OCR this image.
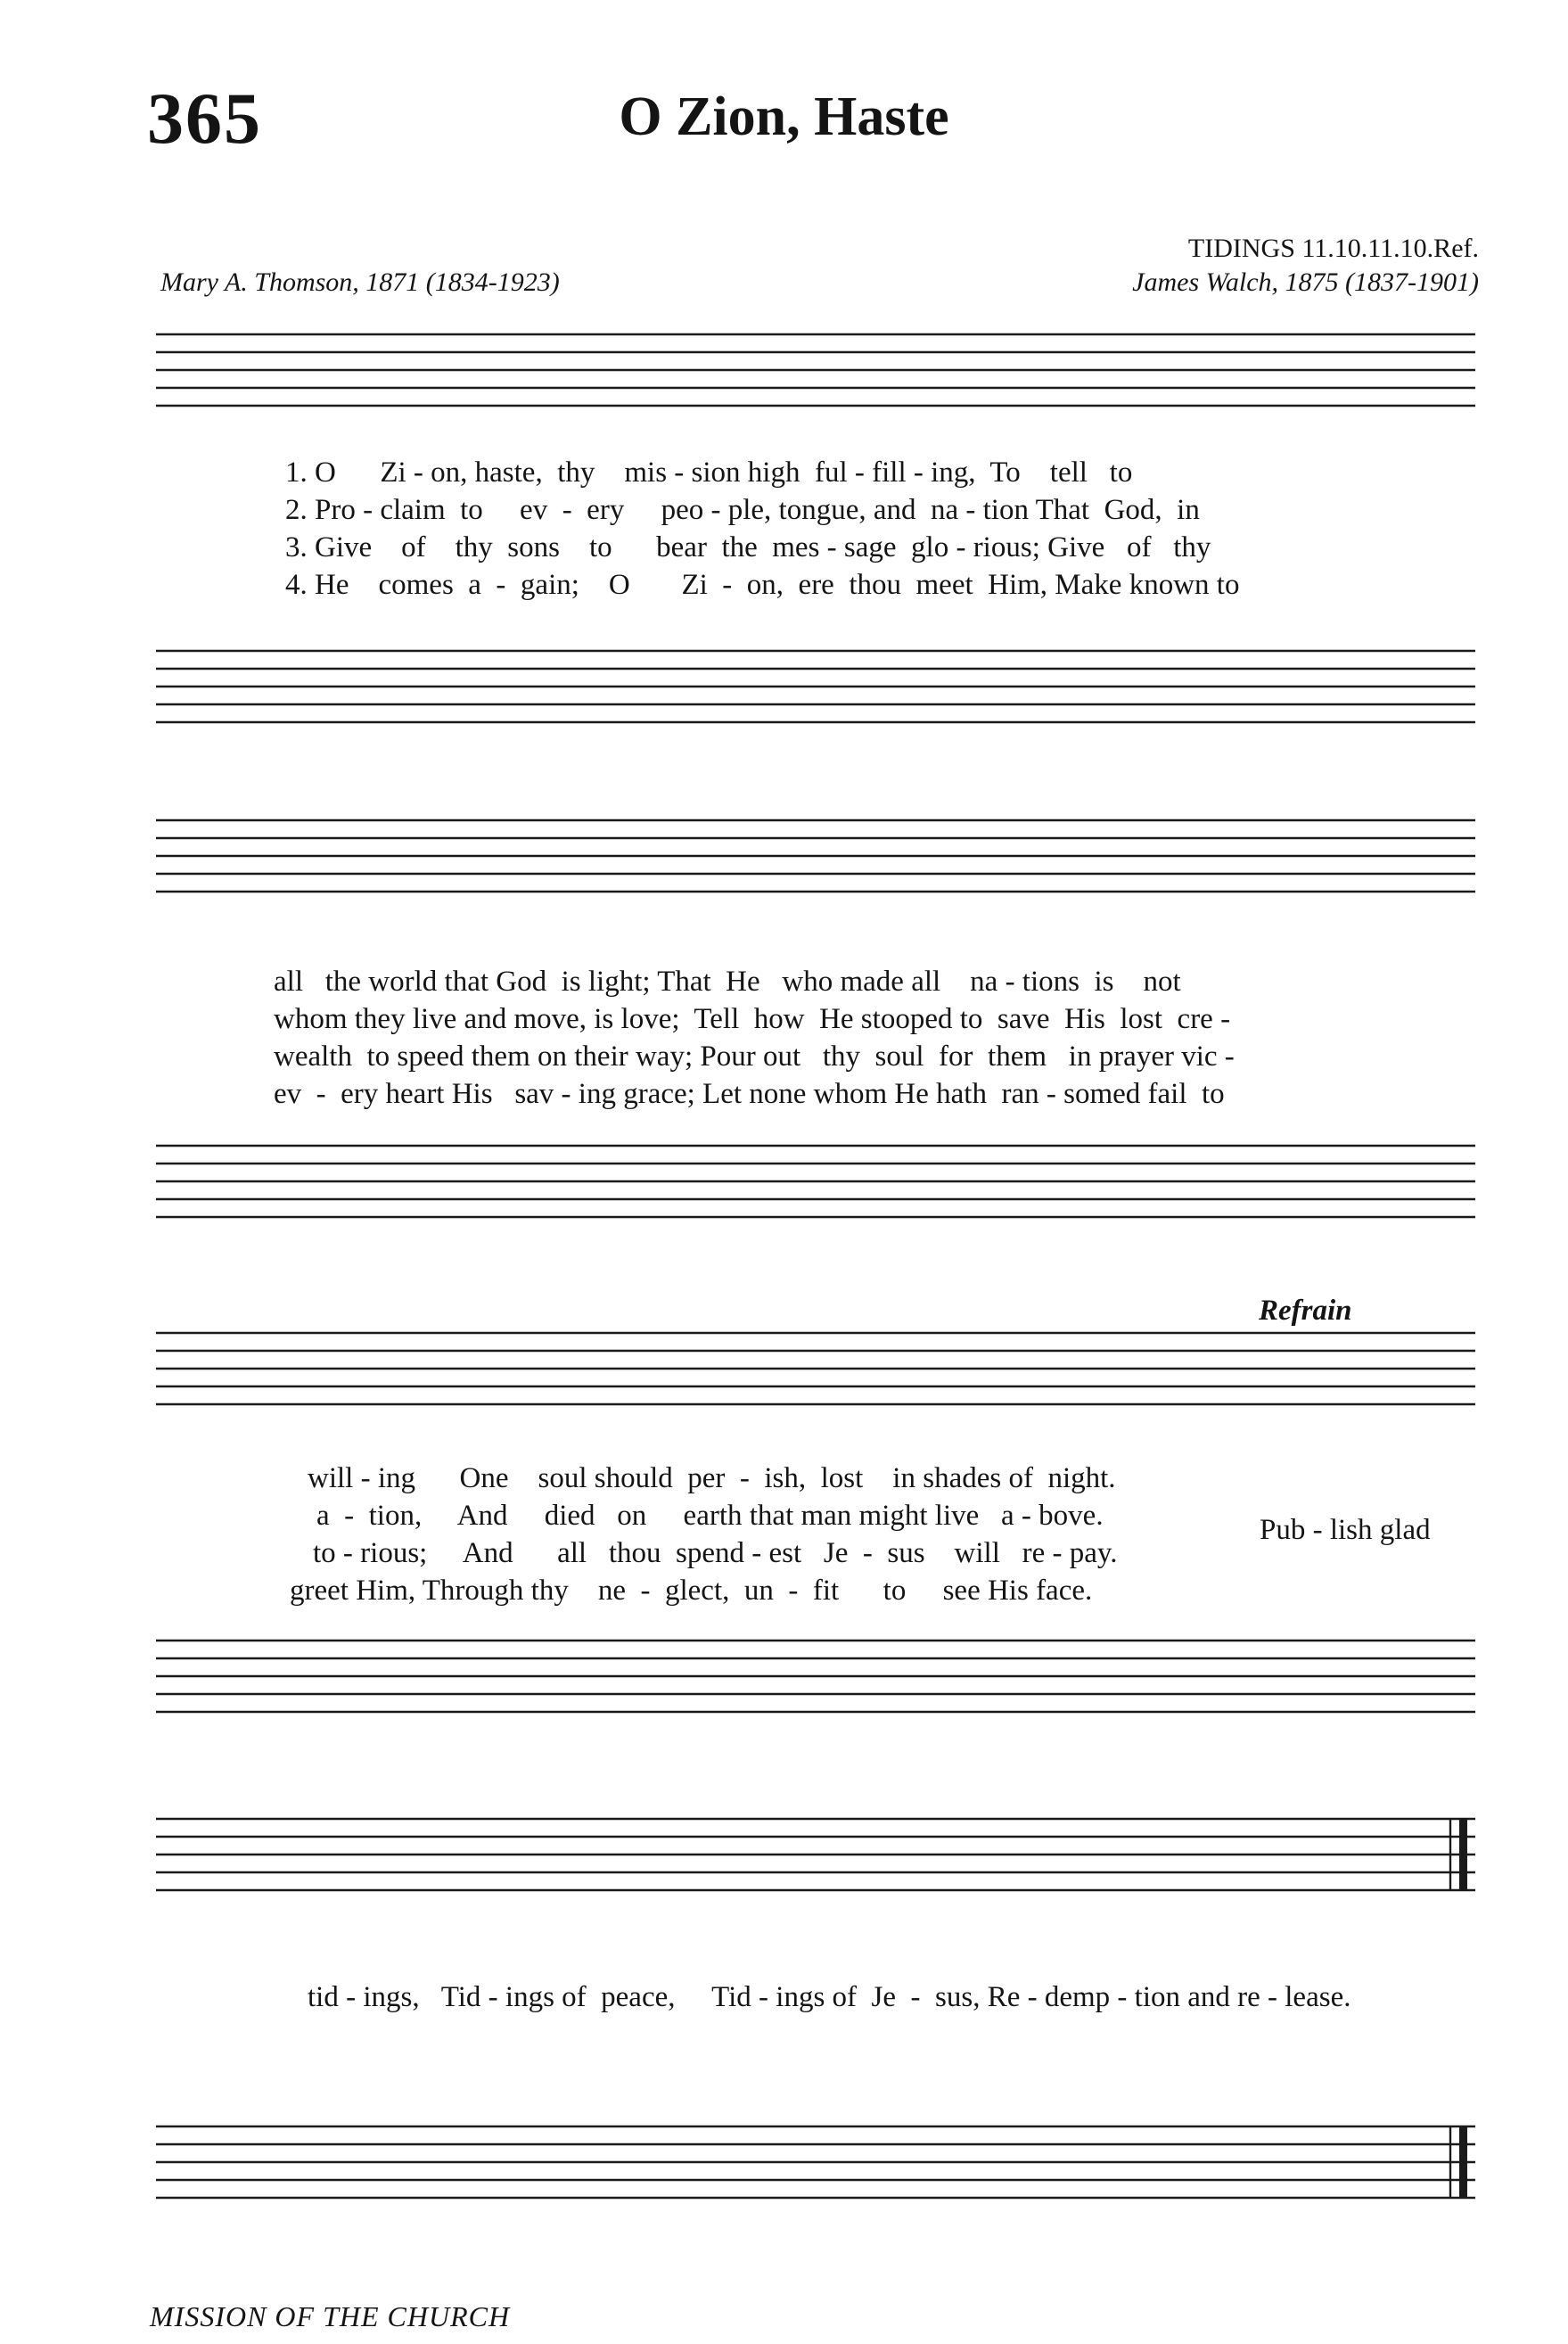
365	O Zion, Haste
TIDINGS 11.10.11.10.Ref.
Mary A. Thomson, 1871 (1834-1923)	James Walch, 1875 (1837-1901)

1. O      Zi - on, haste,  thy    mis - sion high  ful - fill - ing,  To    tell   to

2. Pro - claim  to     ev  -  ery     peo - ple, tongue, and  na - tion That  God,  in

3. Give    of    thy  sons    to      bear  the  mes - sage  glo - rious; Give   of   thy

4. He    comes  a  -  gain;    O       Zi  -  on,  ere  thou  meet  Him, Make known to

all   the world that God  is light; That  He   who made all    na - tions  is    not

whom they live and move, is love;  Tell  how  He stooped to  save  His  lost  cre -

wealth  to speed them on their way; Pour out   thy  soul  for  them   in prayer vic -

ev  -  ery heart His   sav - ing grace; Let none whom He hath  ran - somed fail  to

Refrain

will - ing      One    soul should  per  -  ish,  lost    in shades of  night.

a  -  tion,     And     died   on     earth that man might live   a - bove.

to - rious;     And      all   thou  spend - est   Je  -  sus    will   re - pay.

greet Him, Through thy    ne  -  glect,  un  -  fit      to     see His face.

Pub - lish glad

tid - ings,   Tid - ings of  peace,     Tid - ings of  Je  -  sus, Re - demp - tion and re - lease.

MISSION OF THE CHURCH
